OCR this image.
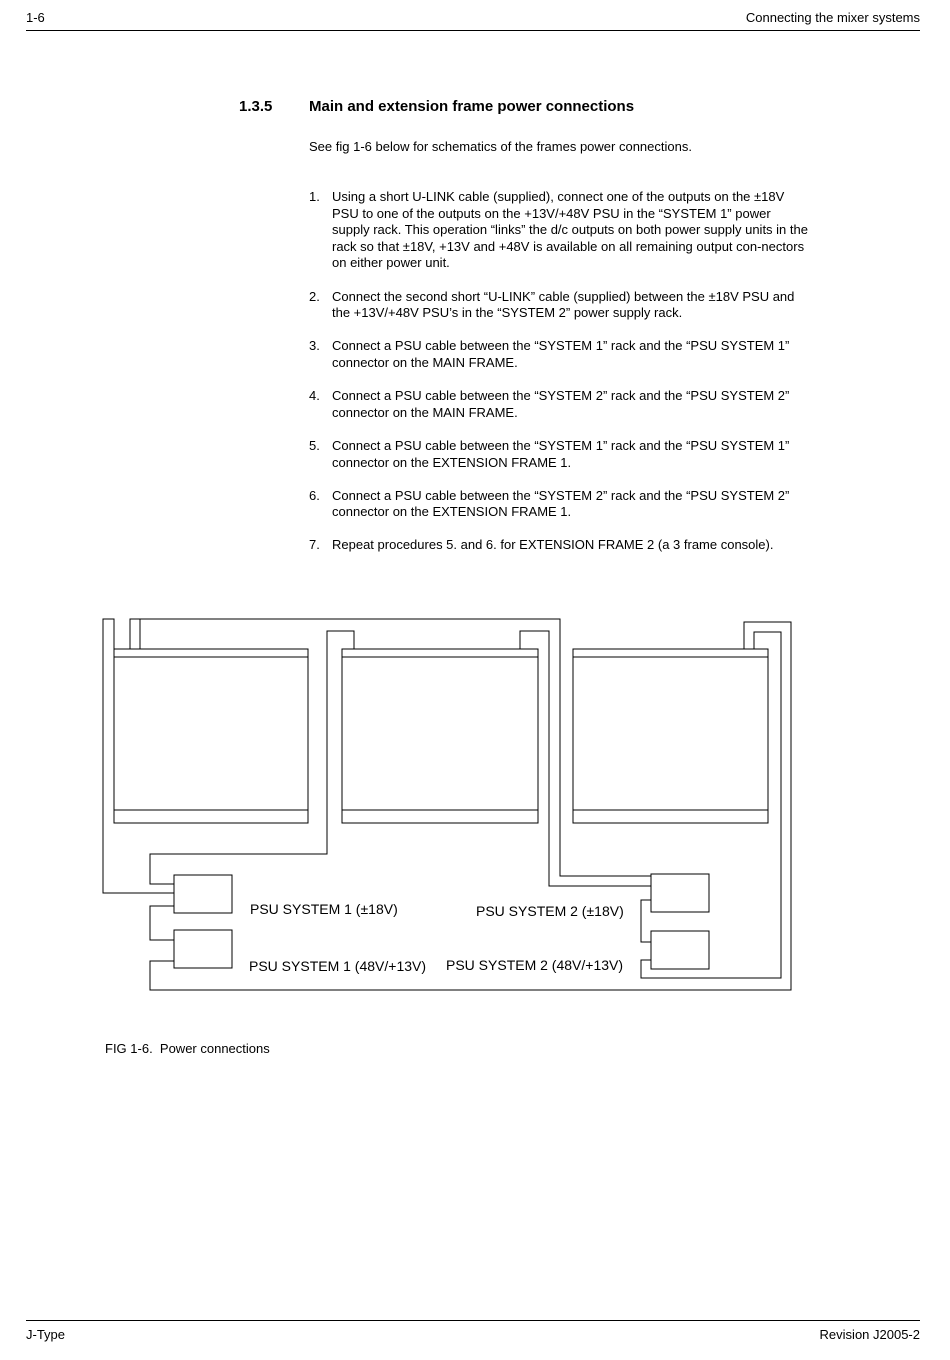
1-6	Connecting the mixer systems
1.3.5 Main and extension frame power connections
See fig 1-6 below for schematics of the frames power connections.
1. Using a short U-LINK cable (supplied), connect one of the outputs on the ±18V PSU to one of the outputs on the +13V/+48V PSU in the “SYSTEM 1” power supply rack. This operation “links” the d/c outputs on both power supply units in the rack so that ±18V, +13V and +48V is available on all remaining output con-nectors on either power unit.
2. Connect the second short “U-LINK” cable (supplied) between the ±18V PSU and the +13V/+48V PSU’s in the “SYSTEM 2” power supply rack.
3. Connect a PSU cable between the “SYSTEM 1” rack and the “PSU SYSTEM 1” connector on the MAIN FRAME.
4. Connect a PSU cable between the “SYSTEM 2” rack and the “PSU SYSTEM 2” connector on the MAIN FRAME.
5. Connect a PSU cable between the “SYSTEM 1” rack and the “PSU SYSTEM 1” connector on the EXTENSION FRAME 1.
6. Connect a PSU cable between the “SYSTEM 2” rack and the “PSU SYSTEM 2” connector on the EXTENSION FRAME 1.
7. Repeat procedures 5. and 6. for EXTENSION FRAME 2 (a 3 frame console).
PSU SYSTEM 1 (±18V)	PSU SYSTEM 2 (±18V)
PSU SYSTEM 1 (48V/+13V) PSU SYSTEM 2 (48V/+13V)
FIG 1-6.  Power connections
J-Type	Revision J2005-2
